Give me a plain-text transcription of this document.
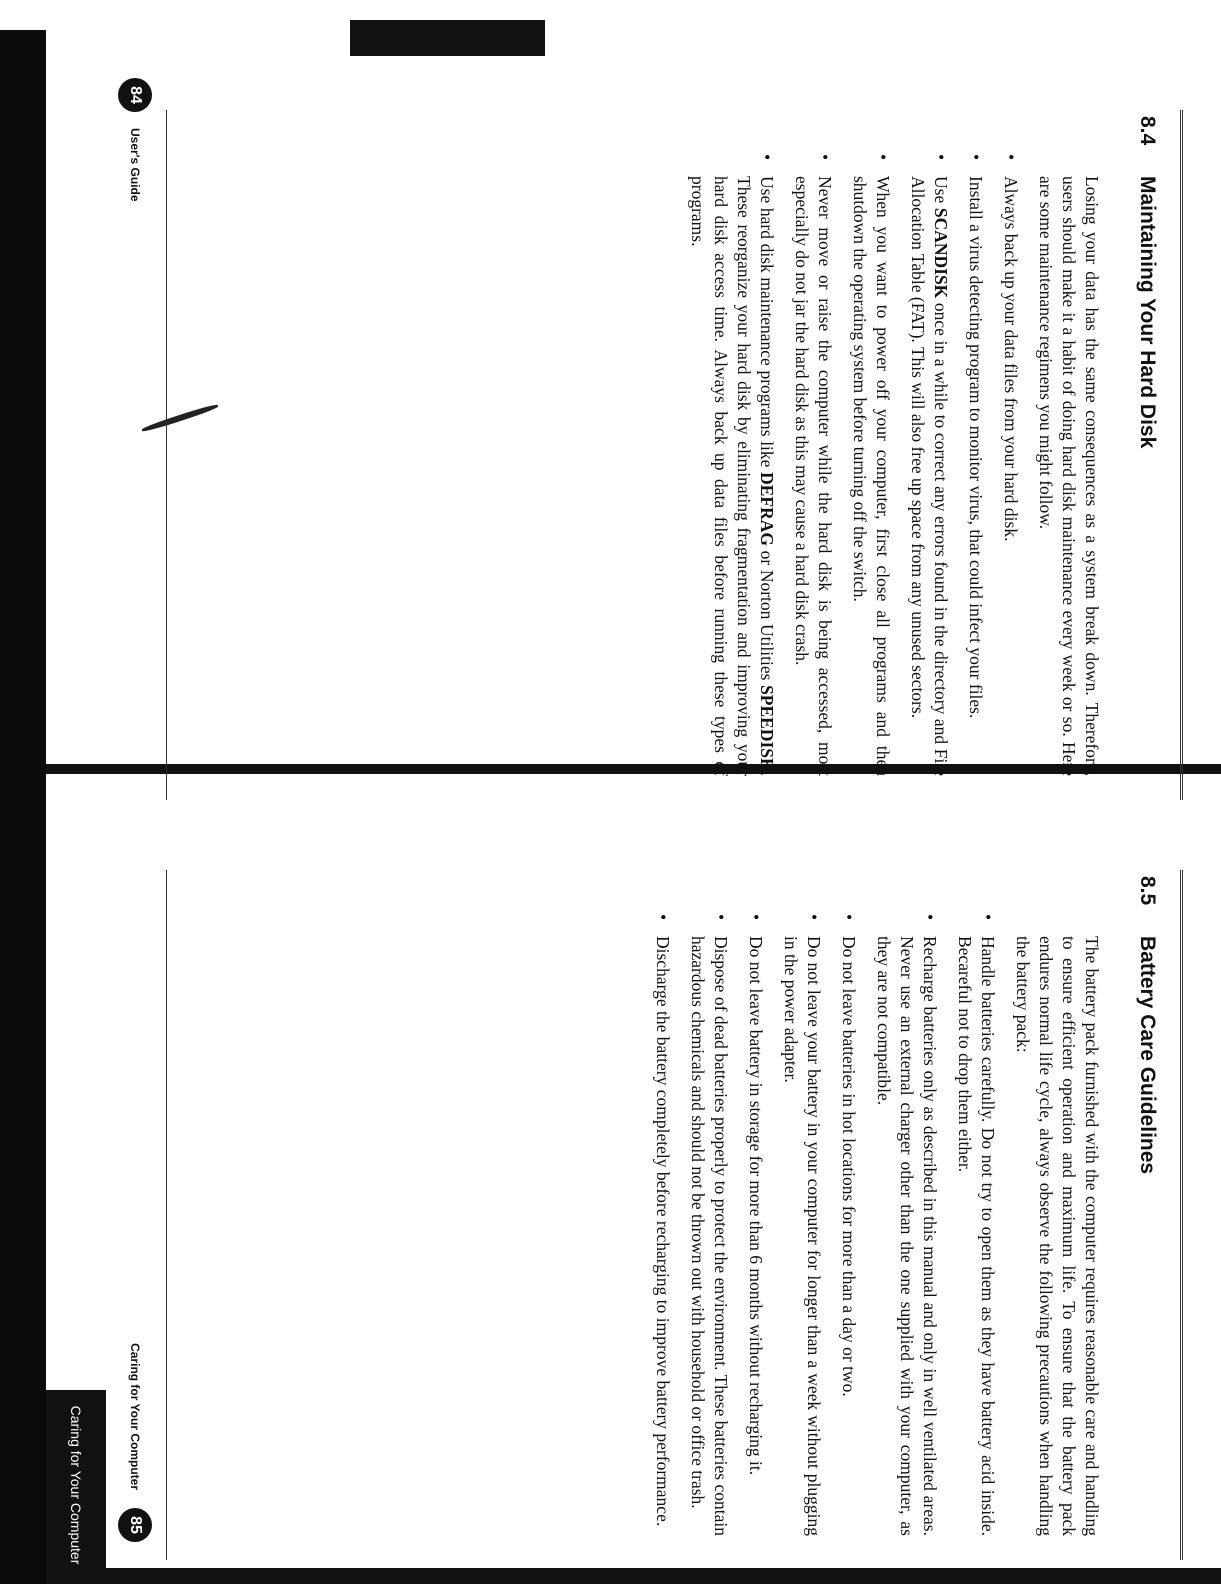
8.4
Maintaining Your Hard Disk

Losing your data has the same consequences as a system break down. Therefore, users should make it a habit of doing hard disk maintenance every week or so. Here are some maintenance regimens you might follow.

• Always back up your data files from your hard disk.
• Install a virus detecting program to monitor virus, that could infect your files.
• Use SCANDISK once in a while to correct any errors found in the directory and File Allocation Table (FAT). This will also free up space from any unused sectors.
• When you want to power off your computer, first close all programs and then shutdown the operating system before turning off the switch.
• Never move or raise the computer while the hard disk is being accessed, most especially do not jar the hard disk as this may cause a hard disk crash.
• Use hard disk maintenance programs like DEFRAG or Norton Utilities SPEEDISK. These reorganize your hard disk by eliminating fragmentation and improving your hard disk access time. Always back up data files before running these types of programs.
84
User's Guide
8.5
Battery Care Guidelines

The battery pack furnished with the computer requires reasonable care and handling to ensure efficient operation and maximum life. To ensure that the battery pack endures normal life cycle, always observe the following precautions when handling the battery pack:

• Handle batteries carefully. Do not try to open them as they have battery acid inside. Becareful not to drop them either.
• Recharge batteries only as described in this manual and only in well ventilated areas. Never use an external charger other than the one supplied with your computer, as they are not compatible.
• Do not leave batteries in hot locations for more than a day or two.
• Do not leave your battery in your computer for longer than a week without plugging in the power adapter.
• Do not leave battery in storage for more than 6 months without recharging it.
• Dispose of dead batteries properly to protect the environment. These batteries contain hazardous chemicals and should not be thrown out with household or office trash.
• Discharge the battery completely before recharging to improve battery performance.
85
Caring for Your Computer
Caring for Your Computer
